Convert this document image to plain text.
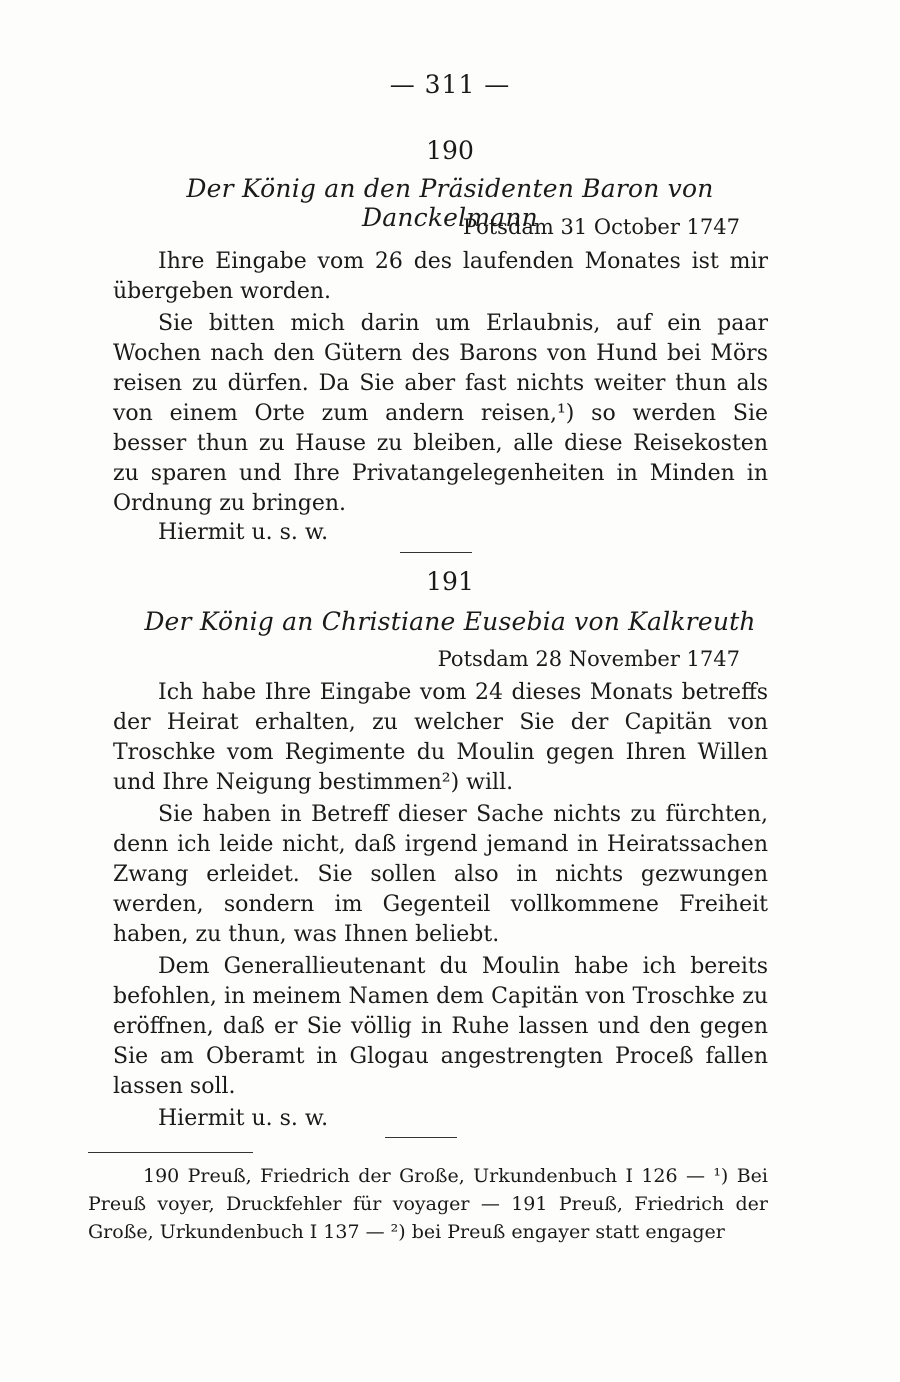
— 311 —
190
Der König an den Präsidenten Baron von Danckelmann
Potsdam 31 October 1747

Ihre Eingabe vom 26 des laufenden Monates ist mir übergeben worden.

Sie bitten mich darin um Erlaubnis, auf ein paar Wochen nach den Gütern des Barons von Hund bei Mörs reisen zu dürfen. Da Sie aber fast nichts weiter thun als von einem Orte zum andern reisen,¹) so werden Sie besser thun zu Hause zu bleiben, alle diese Reisekosten zu sparen und Ihre Privatangelegenheiten in Minden in Ordnung zu bringen.

Hiermit u. s. w.
191
Der König an Christiane Eusebia von Kalkreuth
Potsdam 28 November 1747

Ich habe Ihre Eingabe vom 24 dieses Monats betreffs der Heirat erhalten, zu welcher Sie der Capitän von Troschke vom Regimente du Moulin gegen Ihren Willen und Ihre Neigung bestimmen²) will.

Sie haben in Betreff dieser Sache nichts zu fürchten, denn ich leide nicht, daß irgend jemand in Heiratssachen Zwang erleidet. Sie sollen also in nichts gezwungen werden, sondern im Gegenteil vollkommene Freiheit haben, zu thun, was Ihnen beliebt.

Dem Generallieutenant du Moulin habe ich bereits befohlen, in meinem Namen dem Capitän von Troschke zu eröffnen, daß er Sie völlig in Ruhe lassen und den gegen Sie am Oberamt in Glogau angestrengten Proceß fallen lassen soll.

Hiermit u. s. w.

190 Preuß, Friedrich der Große, Urkundenbuch I 126 — ¹) Bei Preuß voyer, Druckfehler für voyager — 191 Preuß, Friedrich der Große, Urkundenbuch I 137 — ²) bei Preuß engayer statt engager
